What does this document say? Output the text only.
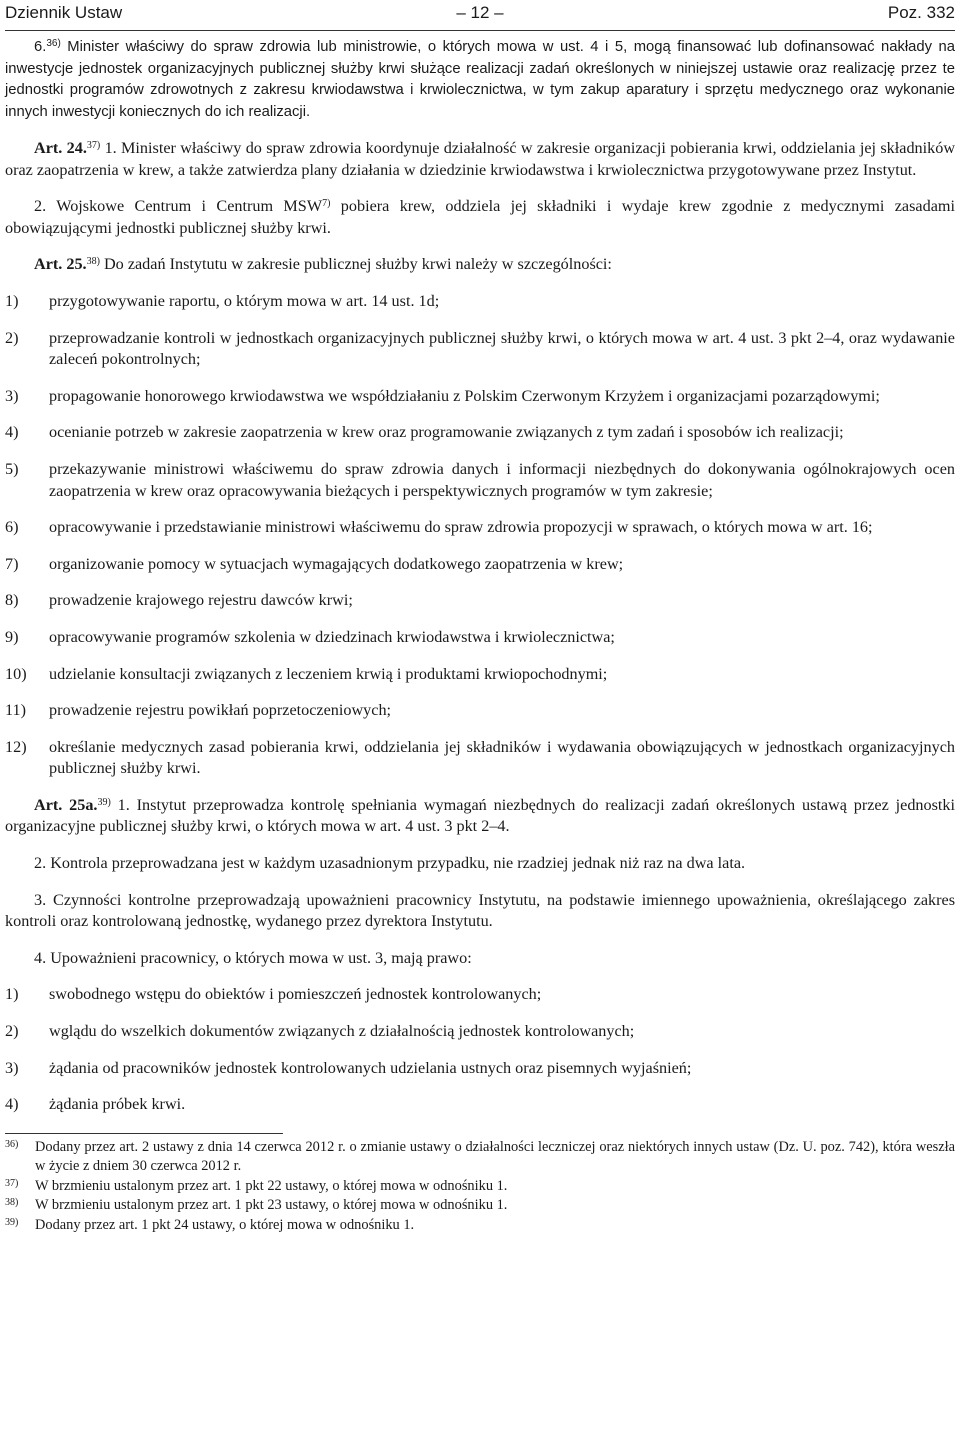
Dziennik Ustaw	– 12 –	Poz. 332

6.$^{36)}$ Minister właściwy do spraw zdrowia lub ministrowie, o których mowa w ust. 4 i 5, mogą finansować lub dofinansować nakłady na inwestycje jednostek organizacyjnych publicznej służby krwi służące realizacji zadań określonych w niniejszej ustawie oraz realizację przez te jednostki programów zdrowotnych z zakresu krwiodawstwa i krwiolecznictwa, w tym zakup aparatury i sprzętu medycznego oraz wykonanie innych inwestycji koniecznych do ich realizacji.

Art. 24.$^{37)}$ 1. Minister właściwy do spraw zdrowia koordynuje działalność w zakresie organizacji pobierania krwi, oddzielania jej składników oraz zaopatrzenia w krew, a także zatwierdza plany działania w dziedzinie krwiodawstwa i krwiolecznictwa przygotowywane przez Instytut.

2. Wojskowe Centrum i Centrum MSW$^{7)}$ pobiera krew, oddziela jej składniki i wydaje krew zgodnie z medycznymi zasadami obowiązującymi jednostki publicznej służby krwi.

Art. 25.$^{38)}$ Do zadań Instytutu w zakresie publicznej służby krwi należy w szczególności:

1)	przygotowywanie raportu, o którym mowa w art. 14 ust. 1d;
2)	przeprowadzanie kontroli w jednostkach organizacyjnych publicznej służby krwi, o których mowa w art. 4 ust. 3 pkt 2–4, oraz wydawanie zaleceń pokontrolnych;
3)	propagowanie honorowego krwiodawstwa we współdziałaniu z Polskim Czerwonym Krzyżem i organizacjami pozarządowymi;
4)	ocenianie potrzeb w zakresie zaopatrzenia w krew oraz programowanie związanych z tym zadań i sposobów ich realizacji;
5)	przekazywanie ministrowi właściwemu do spraw zdrowia danych i informacji niezbędnych do dokonywania ogólnokrajowych ocen zaopatrzenia w krew oraz opracowywania bieżących i perspektywicznych programów w tym zakresie;
6)	opracowywanie i przedstawianie ministrowi właściwemu do spraw zdrowia propozycji w sprawach, o których mowa w art. 16;
7)	organizowanie pomocy w sytuacjach wymagających dodatkowego zaopatrzenia w krew;
8)	prowadzenie krajowego rejestru dawców krwi;
9)	opracowywanie programów szkolenia w dziedzinach krwiodawstwa i krwiolecznictwa;
10)	udzielanie konsultacji związanych z leczeniem krwią i produktami krwiopochodnymi;
11)	prowadzenie rejestru powikłań poprzetoczeniowych;
12)	określanie medycznych zasad pobierania krwi, oddzielania jej składników i wydawania obowiązujących w jednostkach organizacyjnych publicznej służby krwi.

Art. 25a.$^{39)}$ 1. Instytut przeprowadza kontrolę spełniania wymagań niezbędnych do realizacji zadań określonych ustawą przez jednostki organizacyjne publicznej służby krwi, o których mowa w art. 4 ust. 3 pkt 2–4.

2. Kontrola przeprowadzana jest w każdym uzasadnionym przypadku, nie rzadziej jednak niż raz na dwa lata.

3. Czynności kontrolne przeprowadzają upoważnieni pracownicy Instytutu, na podstawie imiennego upoważnienia, określającego zakres kontroli oraz kontrolowaną jednostkę, wydanego przez dyrektora Instytutu.

4. Upoważnieni pracownicy, o których mowa w ust. 3, mają prawo:

1)	swobodnego wstępu do obiektów i pomieszczeń jednostek kontrolowanych;
2)	wglądu do wszelkich dokumentów związanych z działalnością jednostek kontrolowanych;
3)	żądania od pracowników jednostek kontrolowanych udzielania ustnych oraz pisemnych wyjaśnień;
4)	żądania próbek krwi.
36)	Dodany przez art. 2 ustawy z dnia 14 czerwca 2012 r. o zmianie ustawy o działalności leczniczej oraz niektórych innych ustaw (Dz. U. poz. 742), która weszła w życie z dniem 30 czerwca 2012 r.
37)	W brzmieniu ustalonym przez art. 1 pkt 22 ustawy, o której mowa w odnośniku 1.
38)	W brzmieniu ustalonym przez art. 1 pkt 23 ustawy, o której mowa w odnośniku 1.
39)	Dodany przez art. 1 pkt 24 ustawy, o której mowa w odnośniku 1.
